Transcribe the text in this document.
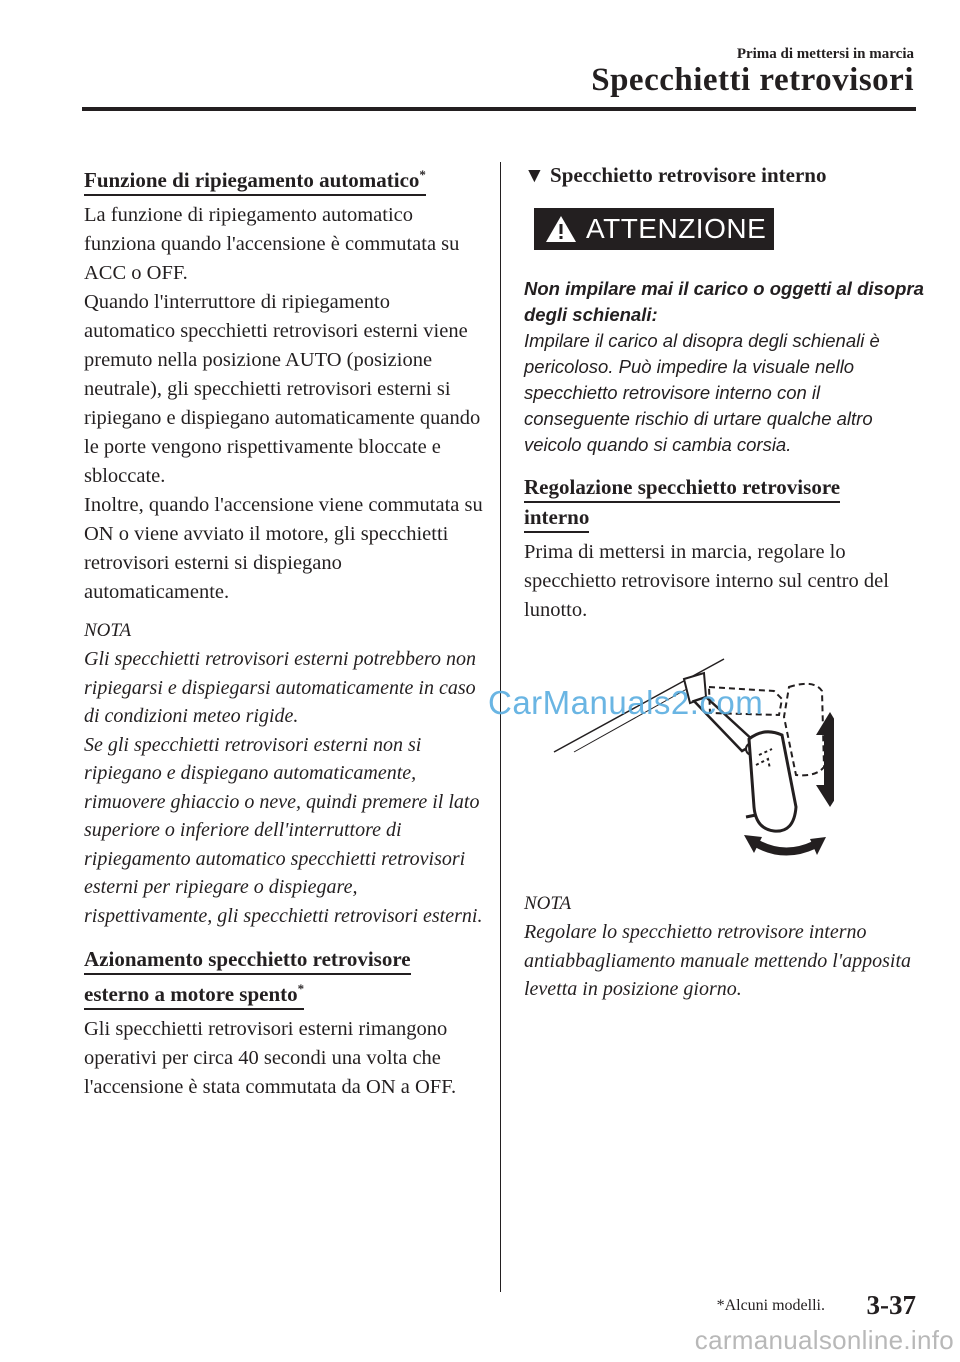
Prima di mettersi in marcia
Specchietti retrovisori
Funzione di ripiegamento automatico*

La funzione di ripiegamento automatico funziona quando l'accensione è commutata su ACC o OFF.

Quando l'interruttore di ripiegamento automatico specchietti retrovisori esterni viene premuto nella posizione AUTO (posizione neutrale), gli specchietti retrovisori esterni si ripiegano e dispiegano automaticamente quando le porte vengono rispettivamente bloccate e sbloccate.

Inoltre, quando l'accensione viene commutata su ON o viene avviato il motore, gli specchietti retrovisori esterni si dispiegano automaticamente.

NOTA

Gli specchietti retrovisori esterni potrebbero non ripiegarsi e dispiegarsi automaticamente in caso di condizioni meteo rigide.

Se gli specchietti retrovisori esterni non si ripiegano e dispiegano automaticamente, rimuovere ghiaccio o neve, quindi premere il lato superiore o inferiore dell'interruttore di ripiegamento automatico specchietti retrovisori esterni per ripiegare o dispiegare, rispettivamente, gli specchietti retrovisori esterni.

Azionamento specchietto retrovisore
esterno a motore spento*

Gli specchietti retrovisori esterni rimangono operativi per circa 40 secondi una volta che l'accensione è stata commutata da ON a OFF.

▼ Specchietto retrovisore interno
ATTENZIONE
Non impilare mai il carico o oggetti al disopra degli schienali:

Impilare il carico al disopra degli schienali è pericoloso. Può impedire la visuale nello specchietto retrovisore interno con il conseguente rischio di urtare qualche altro veicolo quando si cambia corsia.

Regolazione specchietto retrovisore
interno

Prima di mettersi in marcia, regolare lo specchietto retrovisore interno sul centro del lunotto.

NOTA

Regolare lo specchietto retrovisore interno antiabbagliamento manuale mettendo l'apposita levetta in posizione giorno.

CarManuals2.com
*Alcuni modelli. 3-37
carmanualsonline.info
